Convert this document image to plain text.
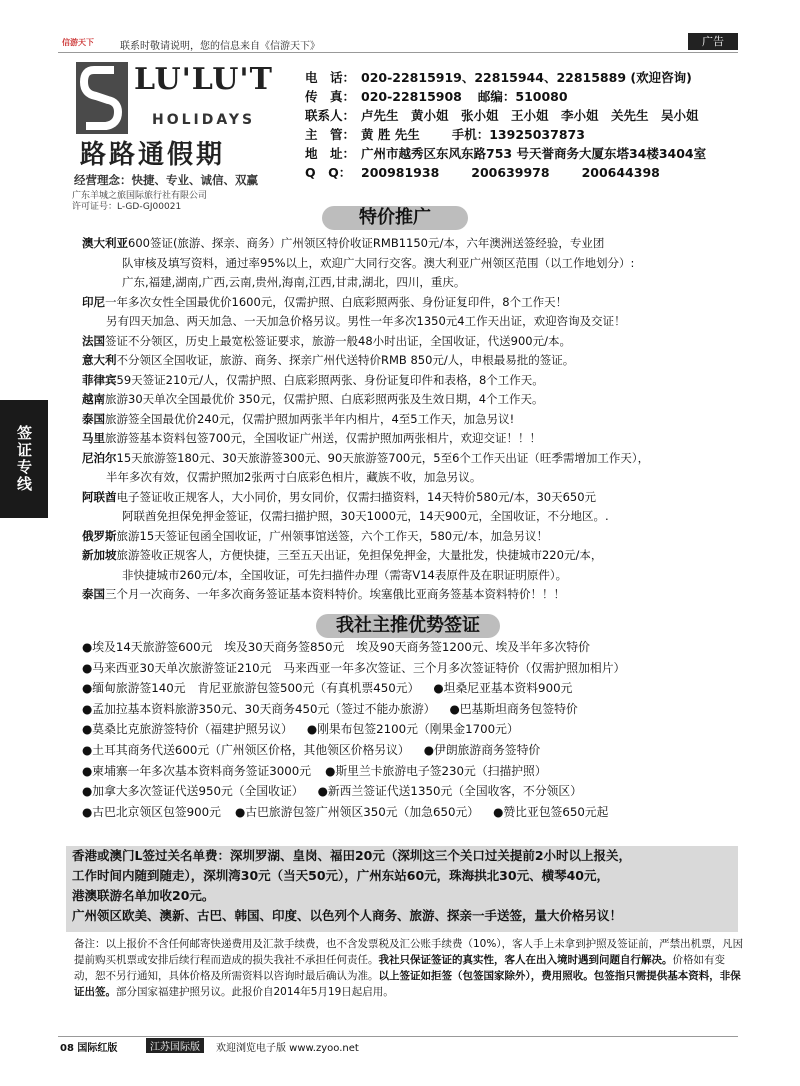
信游天下	联系时敬请说明，您的信息来自《信游天下》	广告
签证专线
LU'LU'T
HOLIDAYS
路路通假期
经营理念：快捷、专业、诚信、双赢
广东羊城之旅国际旅行社有限公司
许可证号：L-GD-GJ00021
电　话： 020-22815919、22815944、22815889 (欢迎咨询)
传　真： 020-22815908 邮编：510080
联系人： 卢先生　黄小姐　张小姐　王小姐　李小姐　关先生　吴小姐
主　管： 黄 胜 先生	手机：13925037873
地　址： 广州市越秀区东风东路753 号天誉商务大厦东塔34楼3404室
Q　Q： 200981938	200639978	200644398
特价推广

澳大利亚600签证(旅游、探亲、商务）广州领区特价收证RMB1150元/本，六年澳洲送签经验，专业团

队审核及填写资料，通过率95%以上，欢迎广大同行交客。澳大利亚广州领区范围（以工作地划分）:

广东,福建,湖南,广西,云南,贵州,海南,江西,甘肃,湖北，四川，重庆。

印尼一年多次女性全国最优价1600元，仅需护照、白底彩照两张、身份证复印件，8个工作天！

另有四天加急、两天加急、一天加急价格另议。男性一年多次1350元4工作天出证，欢迎咨询及交证！

法国签证不分领区，历史上最宽松签证要求，旅游一般48小时出证，全国收证，代送900元/本。

意大利不分领区全国收证，旅游、商务、探亲广州代送特价RMB 850元/人，申根最易批的签证。

菲律宾59天签证210元/人，仅需护照、白底彩照两张、身份证复印件和表格，8个工作天。

越南旅游30天单次全国最优价 350元，仅需护照、白底彩照两张及生效日期，4个工作天。

泰国旅游签全国最优价240元，仅需护照加两张半年内相片，4至5工作天，加急另议!

马里旅游签基本资料包签700元，全国收证广州送，仅需护照加两张相片，欢迎交证！！！

尼泊尔15天旅游签180元、30天旅游签300元、90天旅游签700元，5至6个工作天出证（旺季需增加工作天），

半年多次有效，仅需护照加2张两寸白底彩色相片，藏族不收，加急另议。

阿联酋电子签证收正规客人，大小同价，男女同价，仅需扫描资料，14天特价580元/本，30天650元

阿联酋免担保免押金签证，仅需扫描护照，30天1000元，14天900元，全国收证，不分地区。.

俄罗斯旅游15天签证包函全国收证，广州领事馆送签，六个工作天，580元/本，加急另议！

新加坡旅游签收正规客人，方便快捷，三至五天出证，免担保免押金，大量批发，快捷城市220元/本，

非快捷城市260元/本，全国收证，可先扫描件办理（需寄V14表原件及在职证明原件）。

泰国三个月一次商务、一年多次商务签证基本资料特价。埃塞俄比亚商务签基本资料特价！！！

我社主推优势签证

●埃及14天旅游签600元　埃及30天商务签850元　埃及90天商务签1200元、埃及半年多次特价

●马来西亚30天单次旅游签证210元　马来西亚一年多次签证、三个月多次签证特价（仅需护照加相片）

●缅甸旅游签140元　肯尼亚旅游包签500元（有真机票450元） ●坦桑尼亚基本资料900元

●孟加拉基本资料旅游350元、30天商务450元（签过不能办旅游） ●巴基斯坦商务包签特价

●莫桑比克旅游签特价（福建护照另议） ●刚果布包签2100元（刚果金1700元）

●土耳其商务代送600元（广州领区价格，其他领区价格另议） ●伊朗旅游商务签特价

●柬埔寨一年多次基本资料商务签证3000元 ●斯里兰卡旅游电子签230元（扫描护照）

●加拿大多次签证代送950元（全国收证） ●新西兰签证代送1350元（全国收客，不分领区）

●古巴北京领区包签900元 ●古巴旅游包签广州领区350元（加急650元） ●赞比亚包签650元起

香港或澳门L签过关名单费：深圳罗湖、皇岗、福田20元（深圳这三个关口过关提前2小时以上报关，

工作时间内随到随走），深圳湾30元（当天50元），广州东站60元，珠海拱北30元、横琴40元，

港澳联游名单加收20元。

广州领区欧美、澳新、古巴、韩国、印度、以色列个人商务、旅游、探亲一手送签，量大价格另议！

备注：以上报价不含任何邮寄快递费用及汇款手续费，也不含发票税及汇公账手续费（10%），客人手上未拿到护照及签证前，严禁出机票，凡因提前购买机票或安排后续行程而造成的损失我社不承担任何责任。我社只保证签证的真实性，客人在出入境时遇到问题自行解决。价格如有变动，恕不另行通知，具体价格及所需资料以咨询时最后确认为准。以上签证如拒签（包签国家除外），费用照收。包签指只需提供基本资料，非保证出签。部分国家福建护照另议。此报价自2014年5月19日起启用。

08 国际红版	江苏国际版	欢迎浏览电子版 www.zyoo.net
